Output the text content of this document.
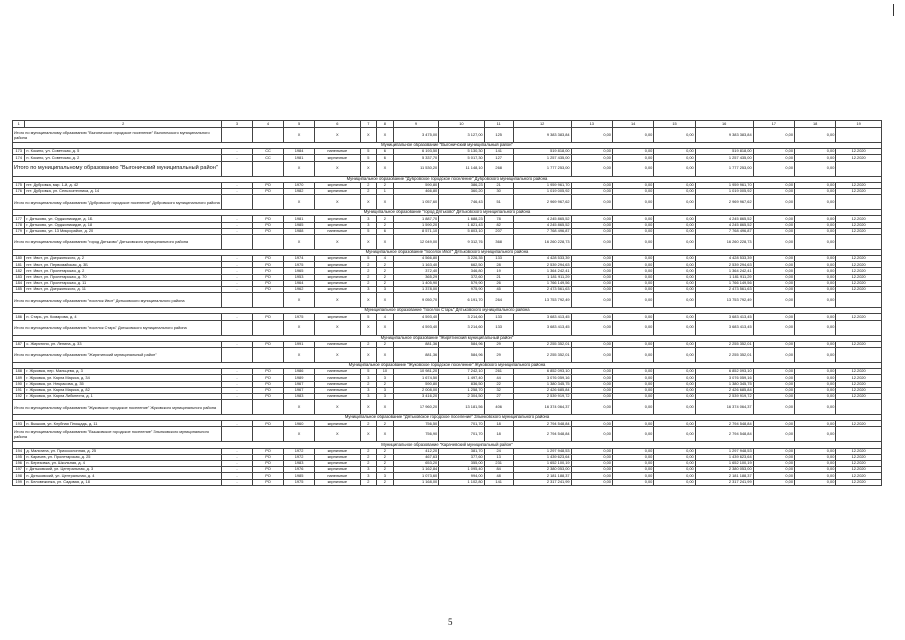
1	2	3	4	5	6	7	8	9	10	11	12	13	14	15	16	17	18	19
Итого по муниципальному образованию "Выгоничское городское поселение" Выгоничского муниципального района				X	X	X	X	3 475,00	3 127,00	125	9 383 383,84	0,00	0,00	0,00	9 383 383,84	0,00	0,00	
Муниципальное образование "Выгоничский муниципальный район"																		
173	п. Кокино, ул. Советская, д. 5	-	СС	1984	панельные	5	6	6 193,50	5 130,30	141	519 818,00	0,00	0,00	0,00	519 818,00	0,00	0,00	12.2020
174	п. Кокино, ул. Советская, д. 2	-	СС	1981	кирпичные	5	6	5 337,70	5 017,30	127	1 257 435,00	0,00	0,00	0,00	1 257 435,00	0,00	0,00	12.2020
Итого по муниципальному образованию "Выгоничский муниципальный район"				X	X	X	X	11 530,20	11 148,10	268	1 777 253,00	0,00	0,00	0,00	1 777 253,00	0,00	0,00	
Муниципальное образование "Дубровское городское поселение" Дубровского муниципального района																		
175	пгт. Дубровка, мкр. 1-й, д. 42	-	РО	1970	кирпичные	2	2	590,80	386,23	21	1 959 961,70	0,00	0,00	0,00	1 959 961,70	0,00	0,00	12.2020
176	пгт. Дубровка, ул. Сельхозтехника, д. 14	-	РО	1982	кирпичные	2	1	466,80	360,20	30	1 019 005,92	0,00	0,00	0,00	1 019 005,92	0,00	0,00	12.2020
Итого по муниципальному образованию "Дубровское городское поселение" Дубровского муниципального района				X	X	X	X	1 057,60	746,43	51	2 969 967,62	0,00	0,00	0,00	2 969 967,62	0,00	0,00	
Муниципальное образование "город Дятьково" Дятьковского муниципального района																		
177	г. Дятьково, ул. Орджоникидзе, д. 1Б	-	РО	1981	кирпичные	3	2	1 887,70	1 688,23	78	4 245 865,52	0,00	0,00	0,00	4 245 865,52	0,00	0,00	12.2020
178	г. Дятьково, ул. Орджоникидзе, д. 18	-	РО	1985	кирпичные	3	2	1 590,20	1 821,43	82	4 245 865,52	0,00	0,00	0,00	4 245 865,52	0,00	0,00	12.2020
179	г. Дятьково, ул. 13 Микрорайон, д. 20	-	РО	1988	панельные	5	6	8 571,10	5 803,10	207	7 768 496,87	0,00	0,00	0,00	7 768 496,87	0,00	0,00	12.2020
Итого по муниципальному образованию "город Дятьково" Дятьковского муниципального района				X	X	X	X	12 049,00	9 312,76	368	16 260 228,73	0,00	0,00	0,00	16 260 228,73	0,00	0,00	
Муниципальное образование "поселок Ивот" Дятьковского муниципального района																		
180	пгт. Ивот, ул. Дзержинского, д. 2	-	РО	1974	кирпичные	5	4	4 566,80	3 226,35	133	4 428 533,39	0,00	0,00	0,00	4 428 533,39	0,00	0,00	12.2020
181	пгт. Ивот, ул. Первомайская, д. 3Б	-	РО	1975	кирпичные	2	2	1 163,40	662,50	28	2 539 294,63	0,00	0,00	0,00	2 539 294,63	0,00	0,00	12.2020
182	пгт. Ивот, ул. Пролетарская, д. 2	-	РО	1965	кирпичные	2	2	372,40	346,80	19	1 364 242,41	0,00	0,00	0,00	1 364 242,41	0,00	0,00	12.2020
183	пгт. Ивот, ул. Пролетарская, д. 70	-	РО	1953	кирпичные	2	2	365,29	372,60	21	1 181 911,29	0,00	0,00	0,00	1 181 911,29	0,00	0,00	12.2020
184	пгт. Ивот, ул. Пролетарская, д. 11	-	РО	1964	кирпичные	2	2	1 405,90	579,90	26	1 766 149,56	0,00	0,00	0,00	1 766 149,56	0,00	0,00	12.2020
185	пгт. Ивот, ул. Дзержинского, д. 11	-	РО	1962	кирпичные	3	3	1 378,00	975,90	45	2 473 561,63	0,00	0,00	0,00	2 473 561,63	0,00	0,00	12.2020
Итого по муниципальному образованию "поселок Ивот" Дятьковского муниципального района				X	X	X	X	9 050,70	6 191,70	264	13 753 792,49	0,00	0,00	0,00	13 753 792,49	0,00	0,00	
Муниципальное образование "поселок Старь" Дятьковского муниципального района																		
186	п. Старь, ул. Комарова, д. 4	-	РО	1975	кирпичные	5	4	4 593,40	3 214,60	133	3 683 413,45	0,00	0,00	0,00	3 683 413,45	0,00	0,00	12.2020
Итого по муниципальному образованию "поселок Старь" Дятьковского муниципального района				X	X	X	X	4 593,40	3 214,60	133	3 683 413,45	0,00	0,00	0,00	3 683 413,45	0,00	0,00	
Муниципальное образование "Жирятинский муниципальный район"																		
187	с. Жирятино, ул. Ленина, д. 33	-	РО	1991	панельные	2	2	881,36	584,96	29	2 255 352,01	0,00	0,00	0,00	2 255 352,01	0,00	0,00	12.2020
Итого по муниципальному образованию "Жирятинский муниципальный район"				X	X	X	X	881,36	584,96	29	2 255 352,01	0,00	0,00	0,00	2 255 352,01	0,00	0,00	
Муниципальное образование "Жуковское городское поселение" Жуковского муниципального района																		
188	г. Жуковка, пер. Мальцева, д. 3	-	РО	1986	панельные	5	10	10 981,20	7 242,10	261	6 852 093,10	0,00	0,00	0,00	6 852 093,10	0,00	0,00	12.2020
189	г. Жуковка, ул. Карла Маркса, д. 34	-	РО	1989	панельные	3	3	1 674,50	1 497,40	44	3 076 059,16	0,00	0,00	0,00	3 076 059,16	0,00	0,00	12.2020
190	г. Жуковка, ул. Некрасова, д. 35	-	РО	1967	панельные	2	2	590,80	836,50	22	1 380 345,75	0,00	0,00	0,00	1 380 345,75	0,00	0,00	12.2020
191	г. Жуковка, ул. Карла Маркса, д. 82	-	РО	1967	панельные	3	3	2 008,00	1 258,70	32	2 426 685,84	0,00	0,00	0,00	2 426 685,84	0,00	0,00	12.2020
192	г. Жуковка, ул. Карла Либкнехта, д. 1	-	РО	1983	панельные	3	3	3 416,20	2 304,50	27	2 539 919,72	0,00	0,00	0,00	2 539 919,72	0,00	0,00	12.2020
Итого по муниципальному образованию "Жуковское городское поселение" Жуковского муниципального района				X	X	X	X	17 960,20	13 181,56	406	16 374 064,37	0,00	0,00	0,00	16 374 064,37	0,00	0,00	
Муниципальное образование "Дятьковское городское поселение" Злынковского муниципального района																		
193	п. Вышков, ул. Клубная Площадь, д. 11	-	РО	1960	кирпичные	2	2	756,50	701,70	18	2 794 548,84	0,00	0,00	0,00	2 794 548,84	0,00	0,00	12.2020
Итого по муниципальному образованию "Вышковское городское поселение" Злынковского муниципального района				X	X	X	X	756,90	701,70	18	2 794 548,84	0,00	0,00	0,00	2 794 548,84	0,00	0,00	
Муниципальное образование "Карачевский муниципальный район"																		
194	д. Мальтина, ул. Приосколонная, д. 25	-	РО	1972	кирпичные	2	2	412,20	381,70	24	1 297 948,53	0,00	0,00	0,00	1 297 948,53	0,00	0,00	12.2020
195	п. Карачев, ул. Пролетарская, д. 25	-	РО	1972	кирпичные	2	2	467,63	377,60	13	1 439 623,64	0,00	0,00	0,00	1 439 623,64	0,00	0,00	12.2020
196	п. Березовка, ул. Школьная, д. 4	-	РО	1983	кирпичные	2	2	653,20	355,00	231	1 652 100,19	0,00	0,00	0,00	1 652 100,19	0,00	0,00	12.2020
197	г. Дятьковский, ул. Центральная, д. 3	-	РО	1976	кирпичные	3	2	1 162,84	1 095,40	84	2 380 053,00	0,00	0,00	0,00	2 380 053,00	0,00	0,00	12.2020
198	п. Дятьковский, ул. Центральная, д. 4	-	РО	1985	панельные	3	3	1 073,60	994,00	48	2 181 188,37	0,00	0,00	0,00	2 181 188,37	0,00	0,00	12.2020
199	п. Беловежинка, ул. Садовая, д. 18	-	РО	1975	кирпичные	2	2	1 168,00	1 102,80	141	2 317 241,99	0,00	0,00	0,00	2 317 241,99	0,00	0,00	12.2020
5
